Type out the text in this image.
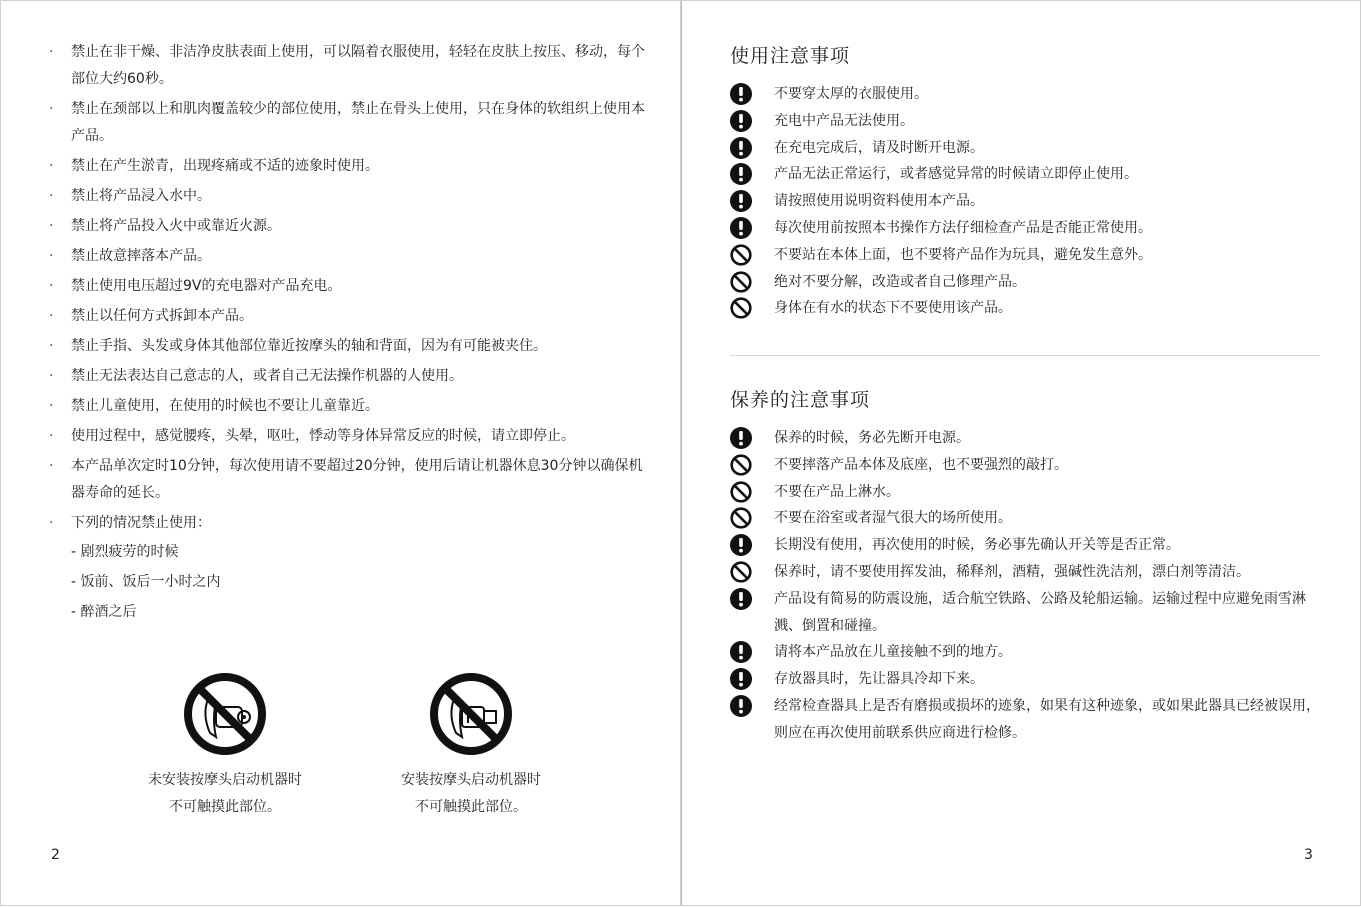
· 禁止在非干燥、非洁净皮肤表面上使用，可以隔着衣服使用，轻轻在皮肤上按压、移动，每个部位大约60秒。
· 禁止在颈部以上和肌肉覆盖较少的部位使用，禁止在骨头上使用，只在身体的软组织上使用本产品。
· 禁止在产生淤青，出现疼痛或不适的迹象时使用。
· 禁止将产品浸入水中。
· 禁止将产品投入火中或靠近火源。
· 禁止故意摔落本产品。
· 禁止使用电压超过9V的充电器对产品充电。
· 禁止以任何方式拆卸本产品。
· 禁止手指、头发或身体其他部位靠近按摩头的轴和背面，因为有可能被夹住。
· 禁止无法表达自己意志的人，或者自己无法操作机器的人使用。
· 禁止儿童使用，在使用的时候也不要让儿童靠近。
· 使用过程中，感觉腰疼，头晕，呕吐，悸动等身体异常反应的时候，请立即停止。
· 本产品单次定时10分钟，每次使用请不要超过20分钟，使用后请让机器休息30分钟以确保机器寿命的延长。
· 下列的情况禁止使用：
- 剧烈疲劳的时候
- 饭前、饭后一小时之内
- 醉酒之后
未安装按摩头启动机器时
不可触摸此部位。
安装按摩头启动机器时
不可触摸此部位。
2
使用注意事项
不要穿太厚的衣服使用。
充电中产品无法使用。
在充电完成后，请及时断开电源。
产品无法正常运行，或者感觉异常的时候请立即停止使用。
请按照使用说明资料使用本产品。
每次使用前按照本书操作方法仔细检查产品是否能正常使用。
不要站在本体上面，也不要将产品作为玩具，避免发生意外。
绝对不要分解，改造或者自己修理产品。
身体在有水的状态下不要使用该产品。
保养的注意事项
保养的时候，务必先断开电源。
不要摔落产品本体及底座，也不要强烈的敲打。
不要在产品上淋水。
不要在浴室或者湿气很大的场所使用。
长期没有使用，再次使用的时候，务必事先确认开关等是否正常。
保养时，请不要使用挥发油，稀释剂，酒精，强碱性洗洁剂，漂白剂等清洁。
产品设有简易的防震设施，适合航空铁路、公路及轮船运输。运输过程中应避免雨雪淋溅、倒置和碰撞。
请将本产品放在儿童接触不到的地方。
存放器具时，先让器具冷却下来。
经常检查器具上是否有磨损或损坏的迹象，如果有这种迹象，或如果此器具已经被误用，则应在再次使用前联系供应商进行检修。
3
